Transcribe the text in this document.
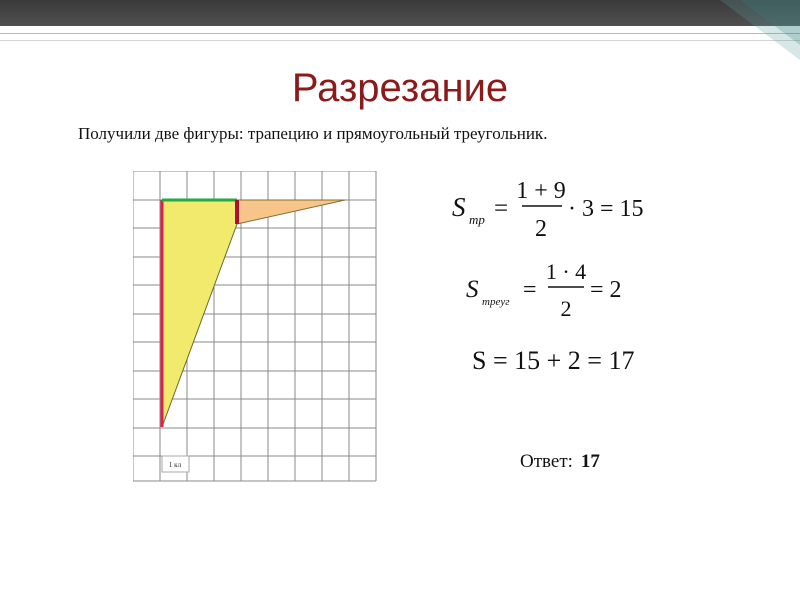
Разрезание
Получили две фигуры: трапецию и прямоугольный треугольник.
1 кл
S тр =
1 + 9
2
· 3 = 15
S треуг =
1 · 4
2
= 2
S = 15 + 2 = 17
Ответ: 17
